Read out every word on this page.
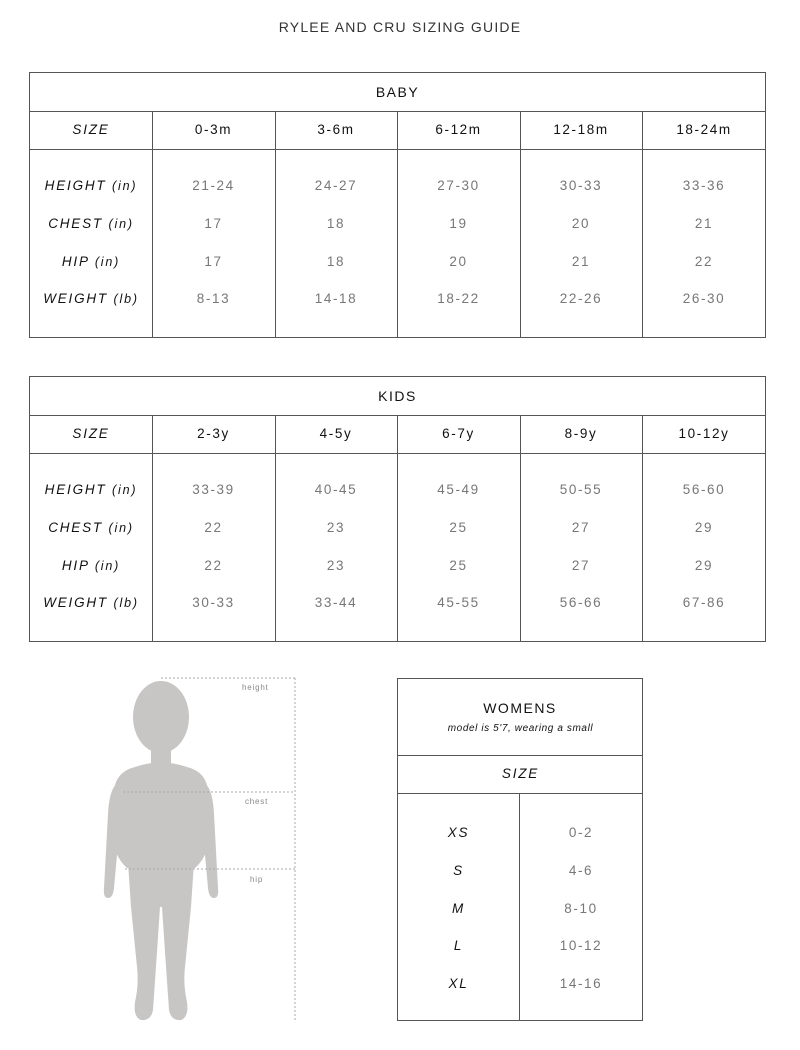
RYLEE AND CRU SIZING GUIDE
BABY
SIZE	0-3m	3-6m	6-12m	12-18m	18-24m
HEIGHT (in)	21-24	24-27	27-30	30-33	33-36
CHEST (in)	17	18	19	20	21
HIP (in)	17	18	20	21	22
WEIGHT (lb)	8-13	14-18	18-22	22-26	26-30
KIDS
SIZE	2-3y	4-5y	6-7y	8-9y	10-12y
HEIGHT (in)	33-39	40-45	45-49	50-55	56-60
CHEST (in)	22	23	25	27	29
HIP (in)	22	23	25	27	29
WEIGHT (lb)	30-33	33-44	45-55	56-66	67-86
height
chest
hip
WOMENS
model is 5'7, wearing a small
SIZE
XS	0-2
S	4-6
M	8-10
L	10-12
XL	14-16
